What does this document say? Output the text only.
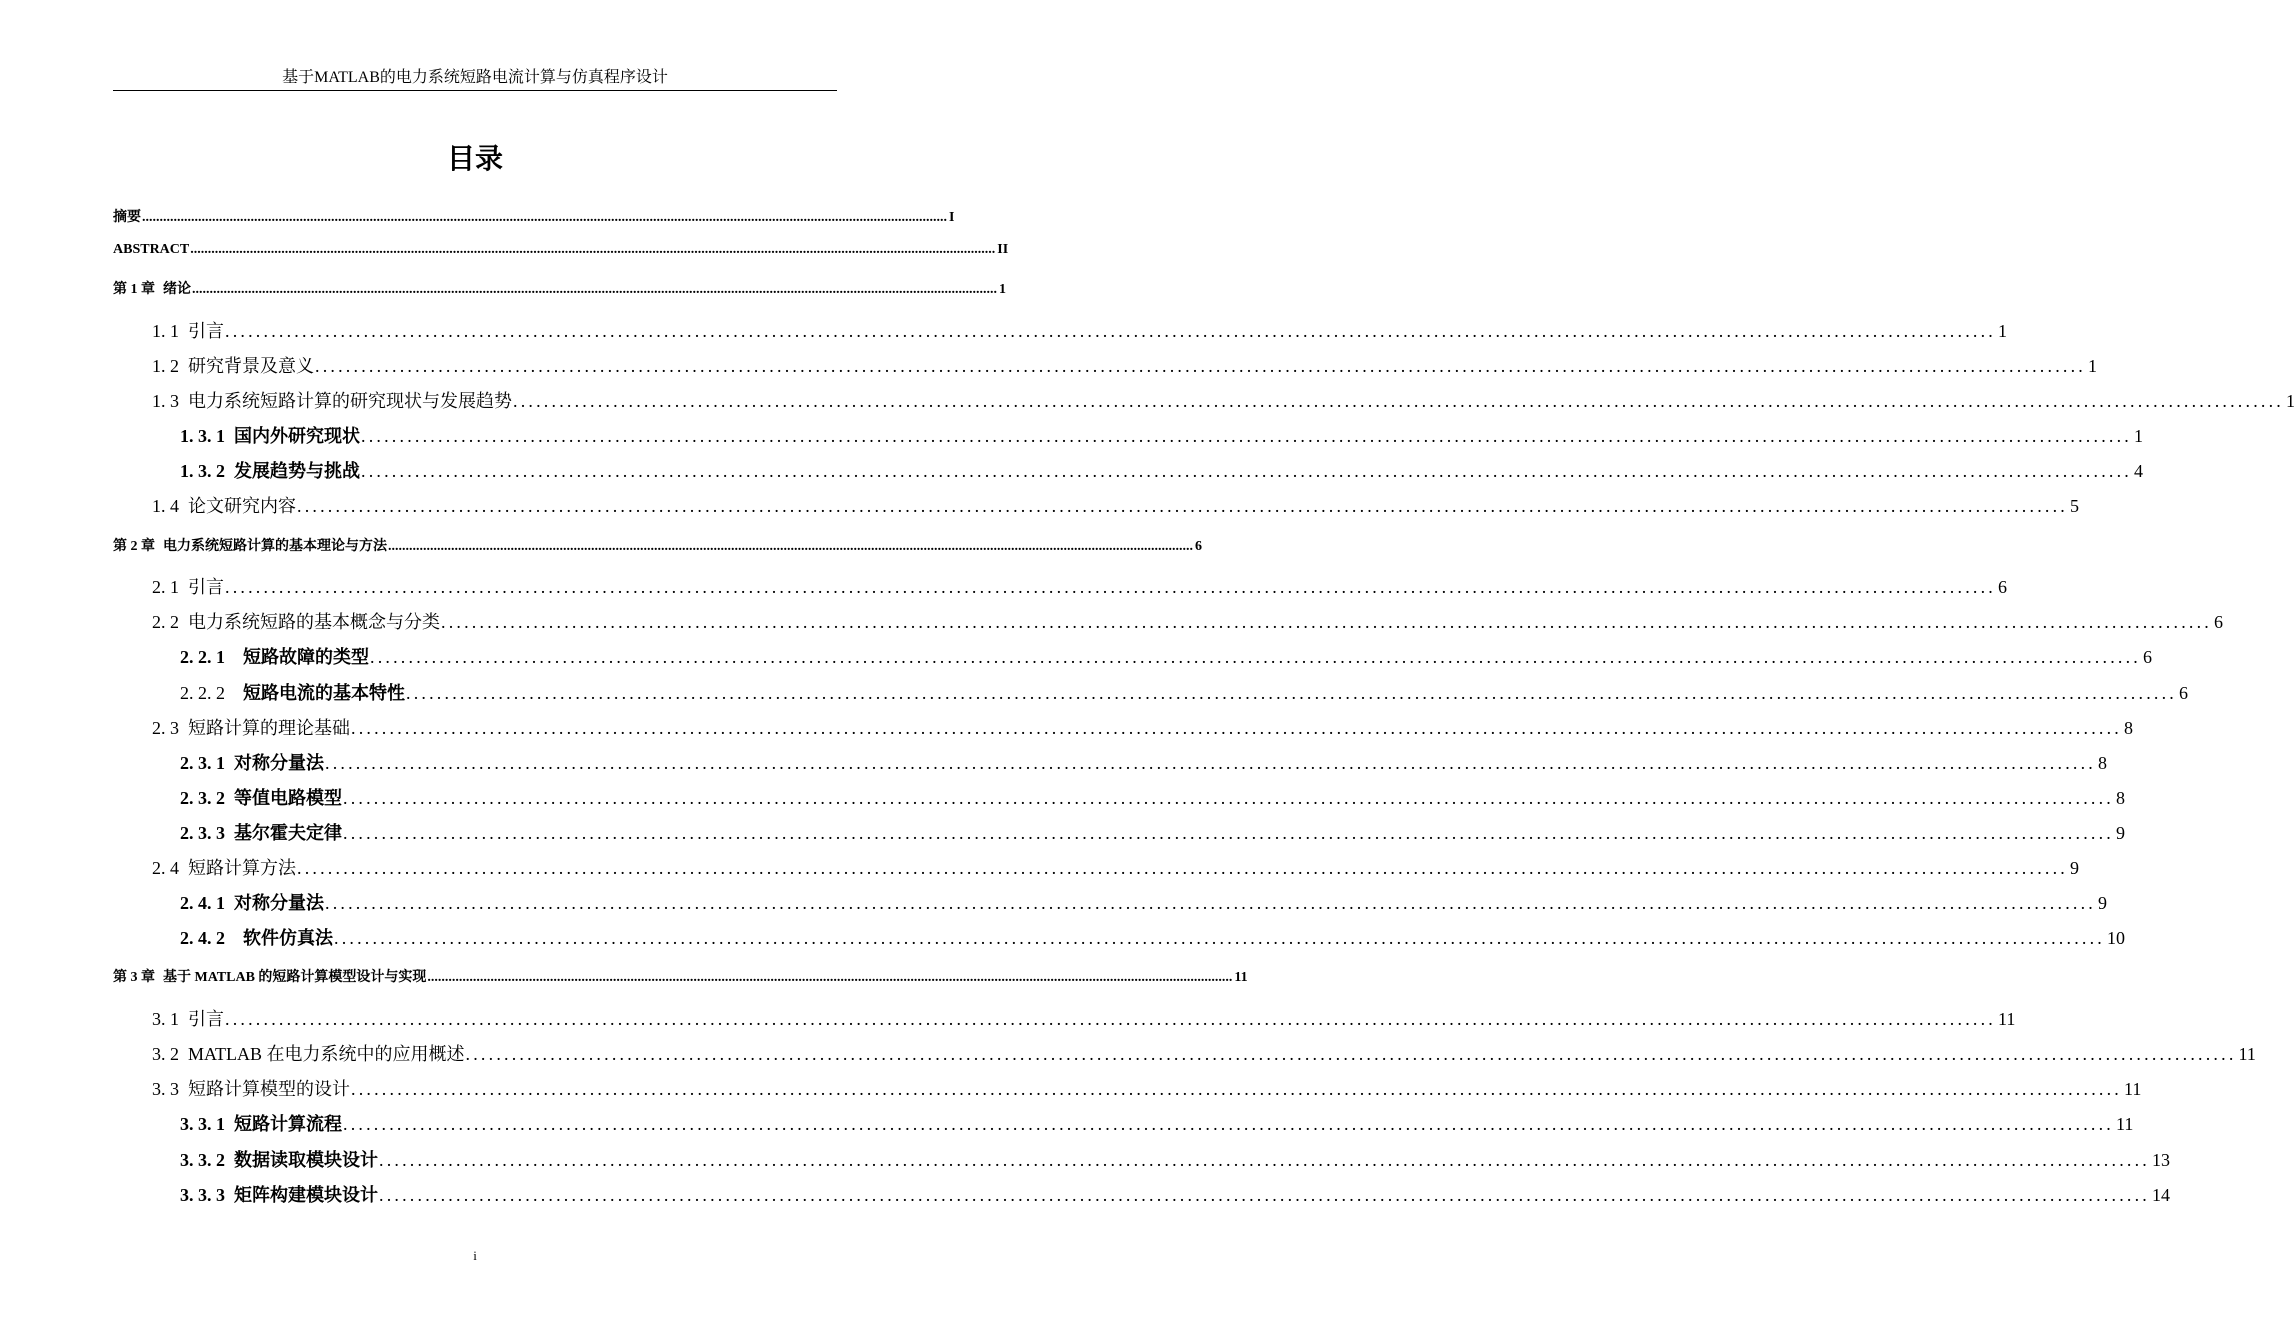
基于MATLAB的电力系统短路电流计算与仿真程序设计
目录
摘要 ...................................................................................................................................................................................................................................... I
ABSTRACT ...................................................................................................................................................................................................................................... II
第 1 章 绪论 ...................................................................................................................................................................................................................................... 1
1. 1 引言 ...................................................................................................................................................................................................................................... 1
1. 2 研究背景及意义 ...................................................................................................................................................................................................................................... 1
1. 3 电力系统短路计算的研究现状与发展趋势 ...................................................................................................................................................................................................................................... 1
1. 3. 1 国内外研究现状 ...................................................................................................................................................................................................................................... 1
1. 3. 2 发展趋势与挑战 ...................................................................................................................................................................................................................................... 4
1. 4 论文研究内容 ...................................................................................................................................................................................................................................... 5
第 2 章 电力系统短路计算的基本理论与方法 ...................................................................................................................................................................................................................................... 6
2. 1 引言 ...................................................................................................................................................................................................................................... 6
2. 2 电力系统短路的基本概念与分类 ...................................................................................................................................................................................................................................... 6
2. 2. 1 短路故障的类型 ...................................................................................................................................................................................................................................... 6
2. 2. 2 短路电流的基本特性 ...................................................................................................................................................................................................................................... 6
2. 3 短路计算的理论基础 ...................................................................................................................................................................................................................................... 8
2. 3. 1 对称分量法 ...................................................................................................................................................................................................................................... 8
2. 3. 2 等值电路模型 ...................................................................................................................................................................................................................................... 8
2. 3. 3 基尔霍夫定律 ...................................................................................................................................................................................................................................... 9
2. 4 短路计算方法 ...................................................................................................................................................................................................................................... 9
2. 4. 1 对称分量法 ...................................................................................................................................................................................................................................... 9
2. 4. 2 软件仿真法 ...................................................................................................................................................................................................................................... 10
第 3 章 基于 MATLAB 的短路计算模型设计与实现 ...................................................................................................................................................................................................................................... 11
3. 1 引言 ...................................................................................................................................................................................................................................... 11
3. 2 MATLAB 在电力系统中的应用概述 ...................................................................................................................................................................................................................................... 11
3. 3 短路计算模型的设计 ...................................................................................................................................................................................................................................... 11
3. 3. 1 短路计算流程 ...................................................................................................................................................................................................................................... 11
3. 3. 2 数据读取模块设计 ...................................................................................................................................................................................................................................... 13
3. 3. 3 矩阵构建模块设计 ...................................................................................................................................................................................................................................... 14
i
